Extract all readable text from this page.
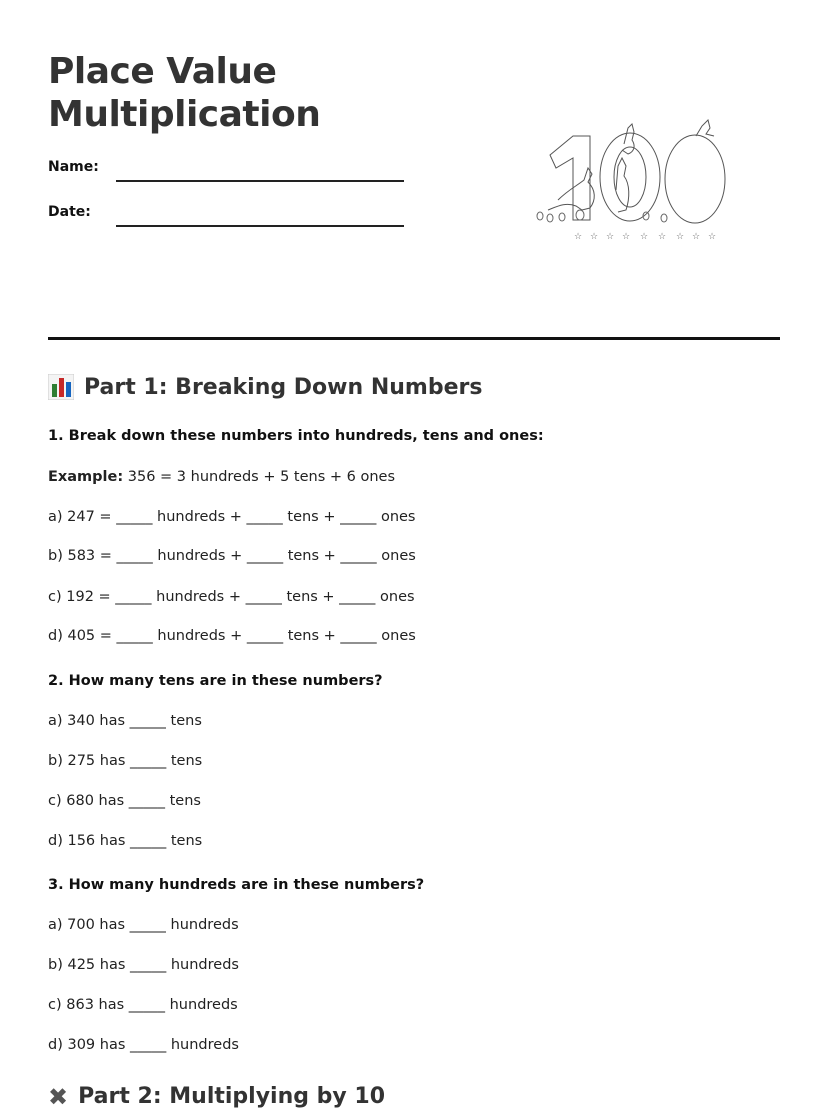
Place Value
Multiplication
Name:
Date:
☆ ☆ ☆ ☆ ☆ ☆ ☆ ☆ ☆
Part 1: Breaking Down Numbers

1. Break down these numbers into hundreds, tens and ones:

Example: 356 = 3 hundreds + 5 tens + 6 ones

a) 247 = _____ hundreds + _____ tens + _____ ones

b) 583 = _____ hundreds + _____ tens + _____ ones

c) 192 = _____ hundreds + _____ tens + _____ ones

d) 405 = _____ hundreds + _____ tens + _____ ones

2. How many tens are in these numbers?

a) 340 has _____ tens

b) 275 has _____ tens

c) 680 has _____ tens

d) 156 has _____ tens

3. How many hundreds are in these numbers?

a) 700 has _____ hundreds

b) 425 has _____ hundreds

c) 863 has _____ hundreds

d) 309 has _____ hundreds

✖ Part 2: Multiplying by 10
